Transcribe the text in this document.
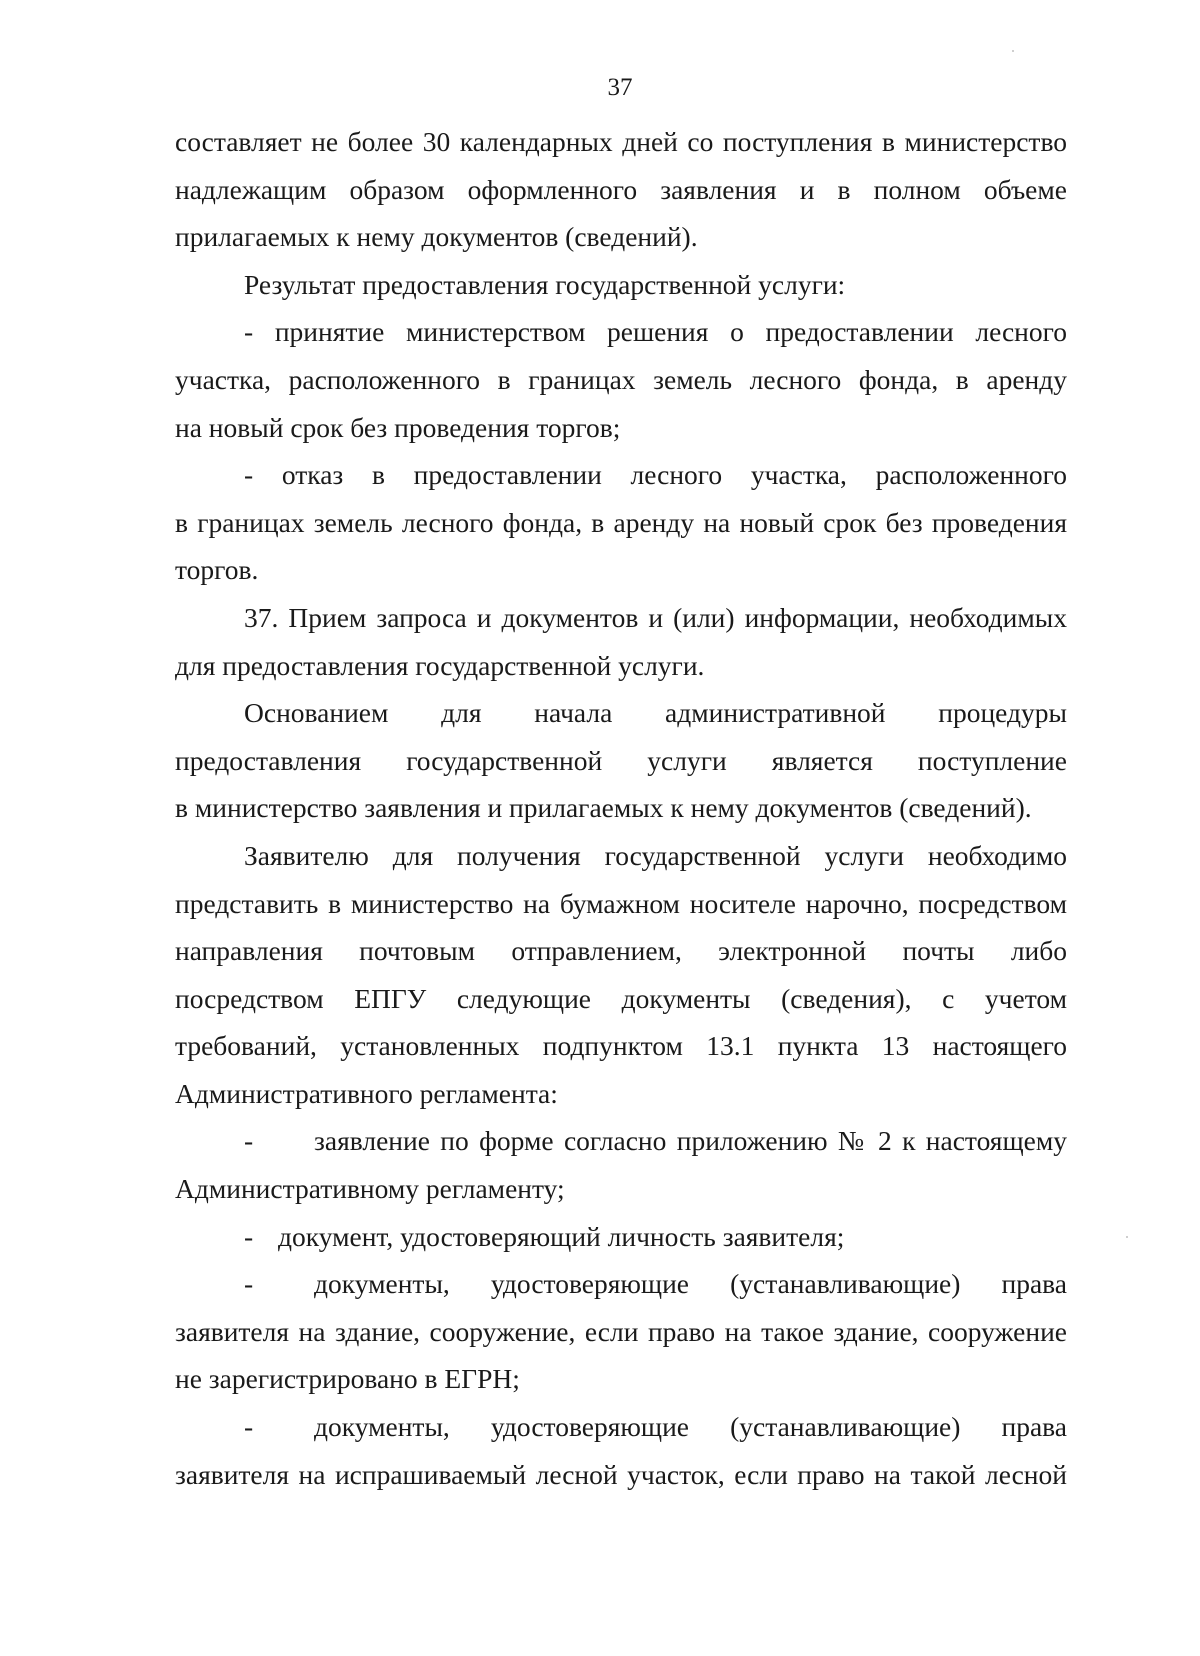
37

составляет не более 30 календарных дней со поступления в министерство

надлежащим образом оформленного заявления и в полном объеме

прилагаемых к нему документов (сведений).

Результат предоставления государственной услуги:

- принятие министерством решения о предоставлении лесного

участка, расположенного в границах земель лесного фонда, в аренду

на новый срок без проведения торгов;

- отказ в предоставлении лесного участка, расположенного

в границах земель лесного фонда, в аренду на новый срок без проведения

торгов.

37. Прием запроса и документов и (или) информации, необходимых

для предоставления государственной услуги.

Основанием для начала административной процедуры

предоставления государственной услуги является поступление

в министерство заявления и прилагаемых к нему документов (сведений).

Заявителю для получения государственной услуги необходимо

представить в министерство на бумажном носителе нарочно, посредством

направления почтовым отправлением, электронной почты либо

посредством ЕПГУ следующие документы (сведения), с учетом

требований, установленных подпунктом 13.1 пункта 13 настоящего

Административного регламента:

-	заявление по форме согласно приложению № 2 к настоящему

Административному регламенту;

- документ, удостоверяющий личность заявителя;
-	документы, удостоверяющие (устанавливающие) права

заявителя на здание, сооружение, если право на такое здание, сооружение

не зарегистрировано в ЕГРН;

-	документы, удостоверяющие (устанавливающие) права

заявителя на испрашиваемый лесной участок, если право на такой лесной
